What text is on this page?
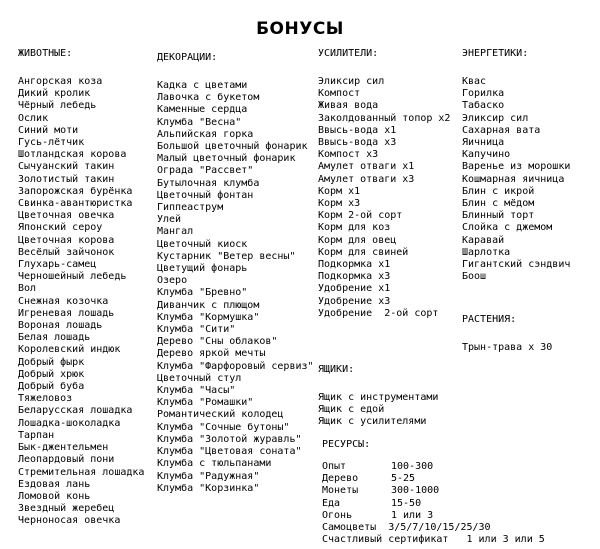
БОНУСЫ
ЖИВОТНЫЕ:
Ангорская коза
Дикий кролик
Чёрный лебедь
Ослик
Синий моти
Гусь-лётчик
Шотландская корова
Сычуанский такин
Золотистый такин
Запорожская бурёнка
Свинка-авантюристка
Цветочная овечка
Японский сероу
Цветочная корова
Весёлый зайчонок
Глухарь-самец
Черношейный лебедь
Вол
Снежная козочка
Игреневая лошадь
Вороная лошадь
Белая лошадь
Королевский индюк
Добрый фырк
Добрый хрюк
Добрый буба
Тяжеловоз
Беларусская лошадка
Лошадка-шоколадка
Тарпан
Бык-джентельмен
Леопардовый пони
Стремительная лошадка
Ездовая лань
Ломовой конь
Звездный жеребец
Черноносая овечка
ДЕКОРАЦИИ:
Кадка с цветами
Лавочка с букетом
Каменные сердца
Клумба "Весна"
Альпийская горка
Большой цветочный фонарик
Малый цветочный фонарик
Ограда "Рассвет"
Бутылочная клумба
Цветочный фонтан
Гиппеаструм
Улей
Мангал
Цветочный киоск
Кустарник "Ветер весны"
Цветущий фонарь
Озеро
Клумба "Бревно"
Диванчик с плющом
Клумба "Кормушка"
Клумба "Сити"
Дерево "Сны облаков"
Дерево яркой мечты
Клумба "Фарфоровый сервиз"
Цветочный стул
Клумба "Часы"
Клумба "Ромашки"
Романтический колодец
Клумба "Сочные бутоны"
Клумба "Золотой журавль"
Клумба "Цветовая соната"
Клумба с тюльпанами
Клумба "Радужная"
Клумба "Корзинка"
УСИЛИТЕЛИ:
Эликсир сил
Компост
Живая вода
Заколдованный топор х2
Ввысь-вода х1
Ввысь-вода х3
Компост х3
Амулет отваги х1
Амулет отваги х3
Корм х1
Корм х3
Корм 2-ой сорт
Корм для коз
Корм для овец
Корм для свиней
Подкормка х1
Подкормка х3
Удобрение х1
Удобрение х3
Удобрение  2-ой сорт
ЯЩИКИ:
Ящик с инструментами
Ящик с едой
Ящик с усилителями
РЕСУРСЫ:
Опыт	100-300
Дерево	5-25
Монеты	300-1000
Еда	15-50
Огонь	1 или 3
Самоцветы  3/5/7/10/15/25/30
Счастливый сертификат   1 или 3 или 5
ЭНЕРГЕТИКИ:
Квас
Горилка
Табаско
Эликсир сил
Сахарная вата
Яичница
Капучино
Варенье из морошки
Кошмарная яичница
Блин с икрой
Блин с мёдом
Блинный торт
Слойка с джемом
Каравай
Шарлотка
Гигантский сэндвич
Боош
РАСТЕНИЯ:
Трын-трава х 30
